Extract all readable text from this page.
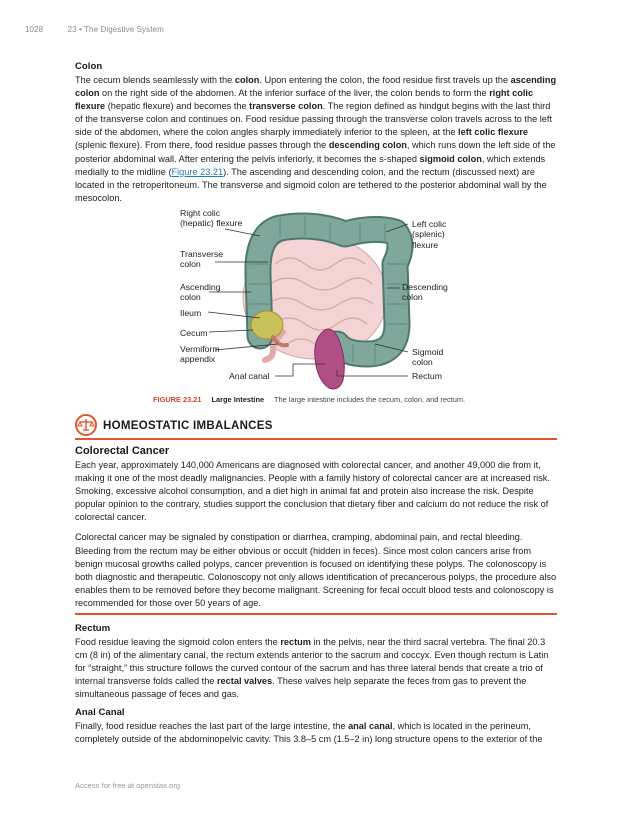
1028	23 • The Digestive System
Colon

The cecum blends seamlessly with the colon. Upon entering the colon, the food residue first travels up the ascending colon on the right side of the abdomen. At the inferior surface of the liver, the colon bends to form the right colic flexure (hepatic flexure) and becomes the transverse colon. The region defined as hindgut begins with the last third of the transverse colon and continues on. Food residue passing through the transverse colon travels across to the left side of the abdomen, where the colon angles sharply immediately inferior to the spleen, at the left colic flexure (splenic flexure). From there, food residue passes through the descending colon, which runs down the left side of the posterior abdominal wall. After entering the pelvis inferiorly, it becomes the s-shaped sigmoid colon, which extends medially to the midline (Figure 23.21). The ascending and descending colon, and the rectum (discussed next) are located in the retroperitoneum. The transverse and sigmoid colon are tethered to the posterior abdominal wall by the mesocolon.

Right colic
(hepatic) flexure
Transverse
colon
Ascending
colon
Ileum
Cecum
Vermiform
appendix
Anal canal
Left colic
(splenic)
flexure
Descending
colon
Sigmoid
colon
Rectum
FIGURE 23.21 Large Intestine The large intestine includes the cecum, colon, and rectum.
HOMEOSTATIC IMBALANCES
Colorectal Cancer

Each year, approximately 140,000 Americans are diagnosed with colorectal cancer, and another 49,000 die from it, making it one of the most deadly malignancies. People with a family history of colorectal cancer are at increased risk. Smoking, excessive alcohol consumption, and a diet high in animal fat and protein also increase the risk. Despite popular opinion to the contrary, studies support the conclusion that dietary fiber and calcium do not reduce the risk of colorectal cancer.

Colorectal cancer may be signaled by constipation or diarrhea, cramping, abdominal pain, and rectal bleeding. Bleeding from the rectum may be either obvious or occult (hidden in feces). Since most colon cancers arise from benign mucosal growths called polyps, cancer prevention is focused on identifying these polyps. The colonoscopy is both diagnostic and therapeutic. Colonoscopy not only allows identification of precancerous polyps, the procedure also enables them to be removed before they become malignant. Screening for fecal occult blood tests and colonoscopy is recommended for those over 50 years of age.

Rectum

Food residue leaving the sigmoid colon enters the rectum in the pelvis, near the third sacral vertebra. The final 20.3 cm (8 in) of the alimentary canal, the rectum extends anterior to the sacrum and coccyx. Even though rectum is Latin for “straight,” this structure follows the curved contour of the sacrum and has three lateral bends that create a trio of internal transverse folds called the rectal valves. These valves help separate the feces from gas to prevent the simultaneous passage of feces and gas.

Anal Canal

Finally, food residue reaches the last part of the large intestine, the anal canal, which is located in the perineum, completely outside of the abdominopelvic cavity. This 3.8–5 cm (1.5–2 in) long structure opens to the exterior of the

Access for free at openstax.org
